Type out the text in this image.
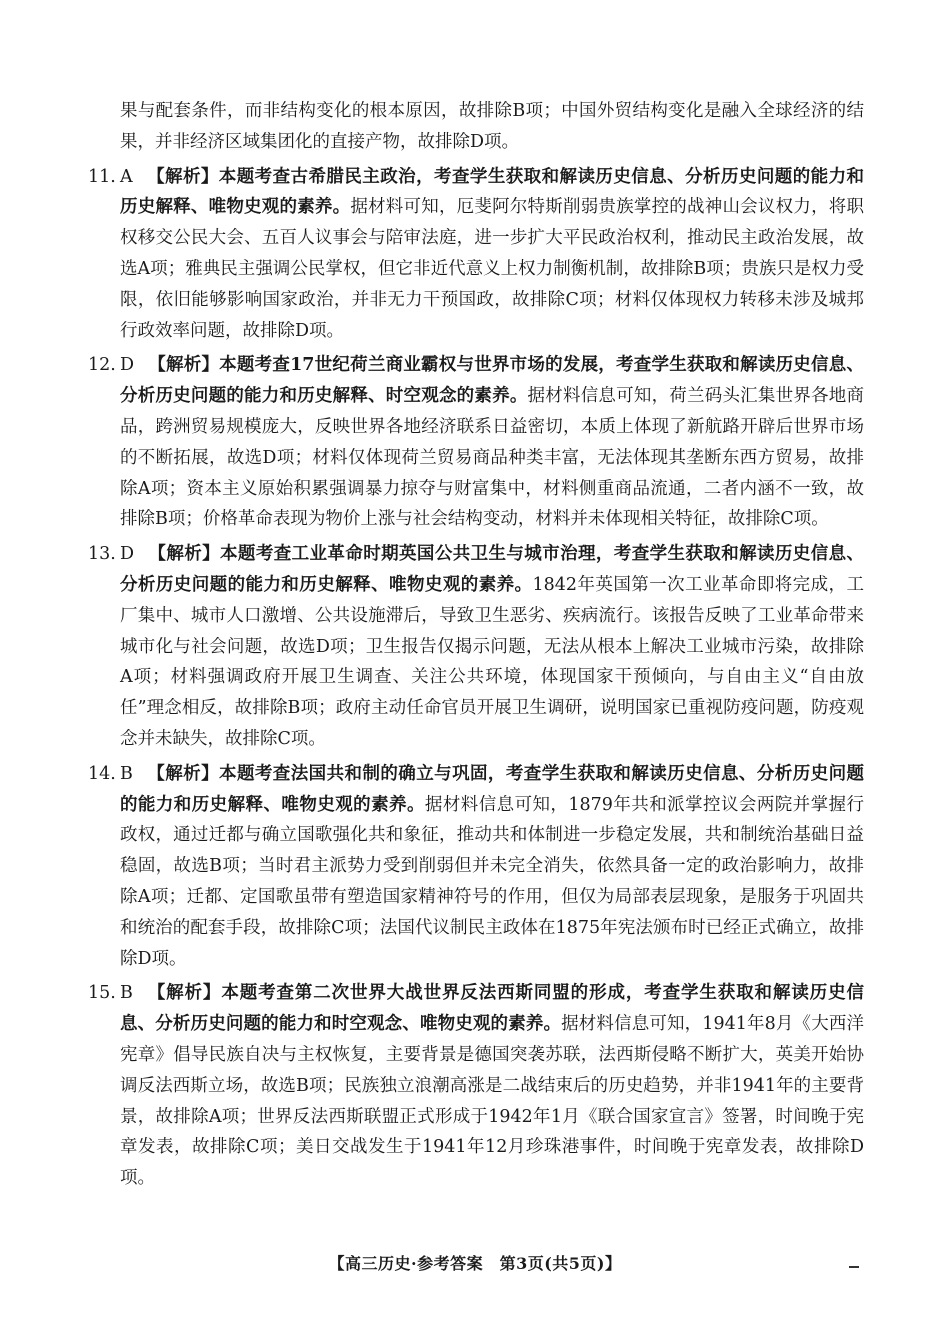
果与配套条件，而非结构变化的根本原因，故排除B项；中国外贸结构变化是融入全球经济的结果，并非经济区域集团化的直接产物，故排除D项。

11. A 【解析】本题考查古希腊民主政治，考查学生获取和解读历史信息、分析历史问题的能力和历史解释、唯物史观的素养。据材料可知，厄斐阿尔特斯削弱贵族掌控的战神山会议权力，将职权移交公民大会、五百人议事会与陪审法庭，进一步扩大平民政治权利，推动民主政治发展，故选A项；雅典民主强调公民掌权，但它非近代意义上权力制衡机制，故排除B项；贵族只是权力受限，依旧能够影响国家政治，并非无力干预国政，故排除C项；材料仅体现权力转移未涉及城邦行政效率问题，故排除D项。
12. D 【解析】本题考查17世纪荷兰商业霸权与世界市场的发展，考查学生获取和解读历史信息、分析历史问题的能力和历史解释、时空观念的素养。据材料信息可知，荷兰码头汇集世界各地商品，跨洲贸易规模庞大，反映世界各地经济联系日益密切，本质上体现了新航路开辟后世界市场的不断拓展，故选D项；材料仅体现荷兰贸易商品种类丰富，无法体现其垄断东西方贸易，故排除A项；资本主义原始积累强调暴力掠夺与财富集中，材料侧重商品流通，二者内涵不一致，故排除B项；价格革命表现为物价上涨与社会结构变动，材料并未体现相关特征，故排除C项。
13. D 【解析】本题考查工业革命时期英国公共卫生与城市治理，考查学生获取和解读历史信息、分析历史问题的能力和历史解释、唯物史观的素养。1842年英国第一次工业革命即将完成，工厂集中、城市人口激增、公共设施滞后，导致卫生恶劣、疾病流行。该报告反映了工业革命带来城市化与社会问题，故选D项；卫生报告仅揭示问题，无法从根本上解决工业城市污染，故排除A项；材料强调政府开展卫生调查、关注公共环境，体现国家干预倾向，与自由主义“自由放任”理念相反，故排除B项；政府主动任命官员开展卫生调研，说明国家已重视防疫问题，防疫观念并未缺失，故排除C项。
14. B 【解析】本题考查法国共和制的确立与巩固，考查学生获取和解读历史信息、分析历史问题的能力和历史解释、唯物史观的素养。据材料信息可知，1879年共和派掌控议会两院并掌握行政权，通过迁都与确立国歌强化共和象征，推动共和体制进一步稳定发展，共和制统治基础日益稳固，故选B项；当时君主派势力受到削弱但并未完全消失，依然具备一定的政治影响力，故排除A项；迁都、定国歌虽带有塑造国家精神符号的作用，但仅为局部表层现象，是服务于巩固共和统治的配套手段，故排除C项；法国代议制民主政体在1875年宪法颁布时已经正式确立，故排除D项。
15. B 【解析】本题考查第二次世界大战世界反法西斯同盟的形成，考查学生获取和解读历史信息、分析历史问题的能力和时空观念、唯物史观的素养。据材料信息可知，1941年8月《大西洋宪章》倡导民族自决与主权恢复，主要背景是德国突袭苏联，法西斯侵略不断扩大，英美开始协调反法西斯立场，故选B项；民族独立浪潮高涨是二战结束后的历史趋势，并非1941年的主要背景，故排除A项；世界反法西斯联盟正式形成于1942年1月《联合国家宣言》签署，时间晚于宪章发表，故排除C项；美日交战发生于1941年12月珍珠港事件，时间晚于宪章发表，故排除D项。
【高三历史·参考答案　第3页(共5页)】
